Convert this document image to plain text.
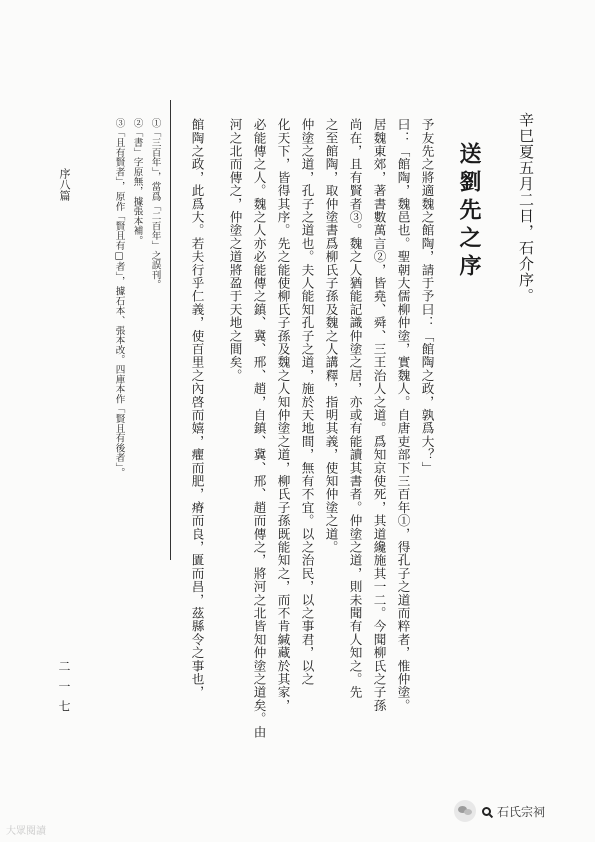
辛巳夏五月二日，石介序。
送劉先之序
予友先之將適魏之館陶，請于予曰：「館陶之政，孰爲大？」
曰：「館陶，魏邑也。聖朝大儒柳仲塗，實魏人。自唐吏部下三百年①，得孔子之道而粹者，惟仲塗。
居魏東郊，著書數萬言②，皆堯、舜、三王治人之道。爲知京使死，其道纔施其一二。今聞柳氏之子孫
尚在，且有賢者③。魏之人猶能記識仲塗之居，亦或有能讀其書者。仲塗之道，則未聞有人知之。先
之至館陶，取仲塗書爲柳氏子孫及魏之人講釋，指明其義，使知仲塗之道。
仲塗之道，孔子之道也。夫人能知孔子之道，施於天地間，無有不宜。以之治民，以之事君，以之
化天下，皆得其序。先之能使柳氏子孫及魏之人知仲塗之道，柳氏子孫既能知之，而不肯緘藏於其家，
必能傳之人。魏之人亦必能傳之鎮、冀、邢、趙，自鎮、冀、邢、趙而傳之，將河之北皆知仲塗之道矣。由
河之北而傳之，仲塗之道將盈于天地之間矣。
館陶之政，此爲大。若夫行乎仁義，使百里之內啓而嬉，癯而肥，瘠而良，匱而昌，茲縣令之事也，
①「三百年」，當爲「二百年」之誤刊。
②「書」字原無，據張本補。
③「且有賢者」，原作「賢且有□者」，據石本、張本改。四庫本作「賢且有後者」。
序八篇
二一七
大眾閱讀
石氏宗祠
